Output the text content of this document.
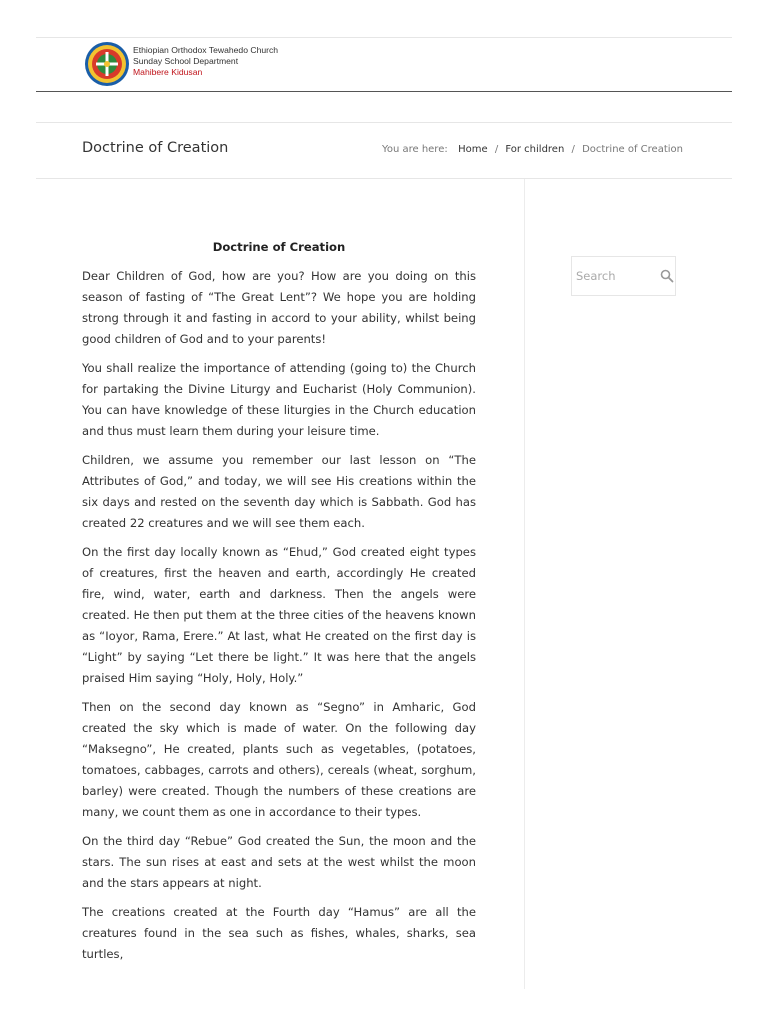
Ethiopian Orthodox Tewahedo Church
Sunday School Department
Mahibere Kidusan
Doctrine of Creation	You are here: Home / For children / Doctrine of Creation
Doctrine of Creation

Dear Children of God, how are you? How are you doing on this season of fasting of “The Great Lent”? We hope you are holding strong through it and fasting in accord to your ability, whilst being good children of God and to your parents!

You shall realize the importance of attending (going to) the Church for partaking the Divine Liturgy and Eucharist (Holy Communion). You can have knowledge of these liturgies in the Church education and thus must learn them during your leisure time.

Children, we assume you remember our last lesson on “The Attributes of God,” and today, we will see His creations within the six days and rested on the seventh day which is Sabbath. God has created 22 creatures and we will see them each.

On the first day locally known as “Ehud,” God created eight types of creatures, first the heaven and earth, accordingly He created fire, wind, water, earth and darkness. Then the angels were created. He then put them at the three cities of the heavens known as “Ioyor, Rama, Erere.” At last, what He created on the first day is “Light” by saying “Let there be light.” It was here that the angels praised Him saying “Holy, Holy, Holy.”

Then on the second day known as “Segno” in Amharic, God created the sky which is made of water. On the following day “Maksegno”, He created, plants such as vegetables, (potatoes, tomatoes, cabbages, carrots and others), cereals (wheat, sorghum, barley) were created. Though the numbers of these creations are many, we count them as one in accordance to their types.

On the third day “Rebue” God created the Sun, the moon and the stars. The sun rises at east and sets at the west whilst the moon and the stars appears at night.

The creations created at the Fourth day “Hamus” are all the creatures found in the sea such as fishes, whales, sharks, sea turtles,

Search
